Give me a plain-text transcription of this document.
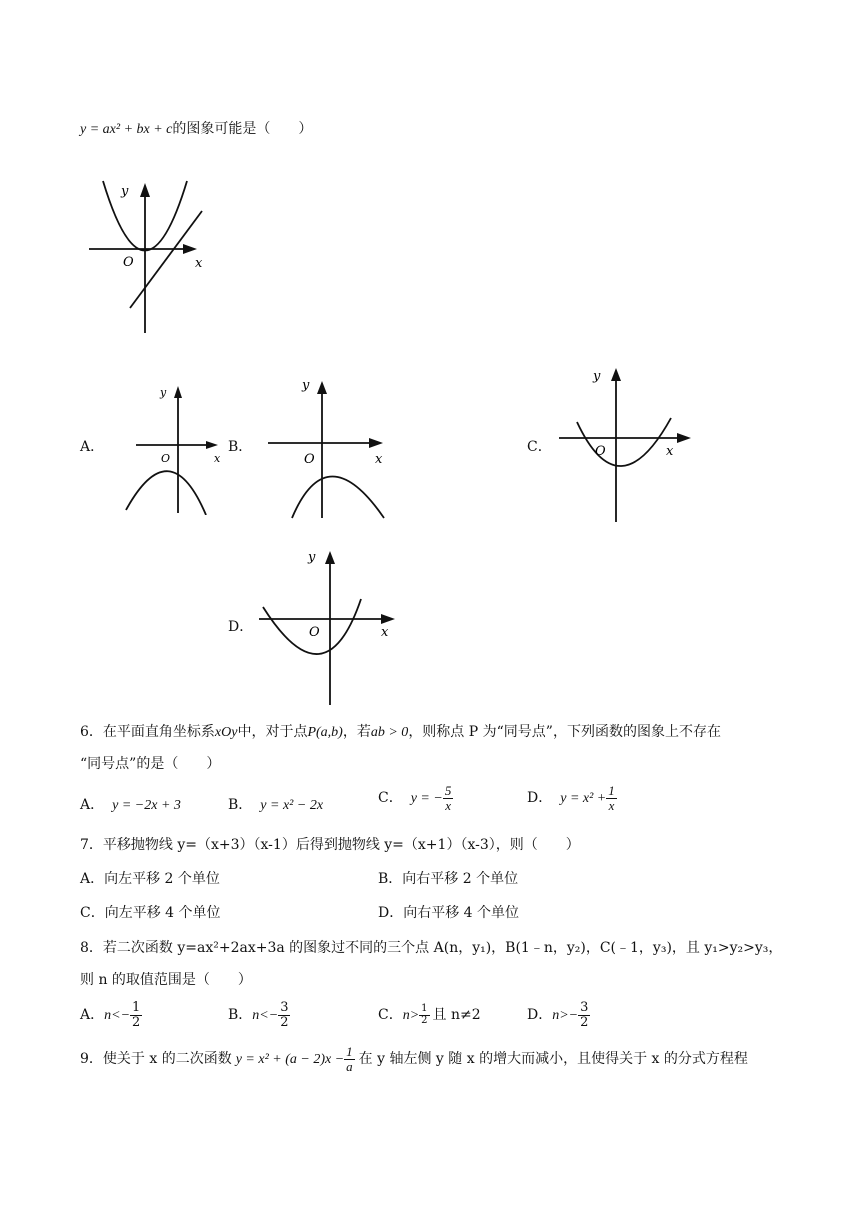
y = ax² + bx + c的图象可能是（　　）
y
O	x
A．
y
O	x
B．
y
O	x
C．
y
O	x
D．
y
O	x
6．在平面直角坐标系xOy中，对于点P(a,b)，若ab > 0，则称点 P 为“同号点”，下列函数的图象上不存在
“同号点”的是（　　）
A． y = −2x + 3	B． y = x² − 2x	C． y = − $\frac{5}{x}$	D． $y = x^2 + \frac{1}{x}$
7．平移抛物线 y=（x+3）（x-1）后得到抛物线 y=（x+1）（x-3），则（　　）
A．向左平移 2 个单位	B．向右平移 2 个单位
C．向左平移 4 个单位	D．向右平移 4 个单位
8．若二次函数 y=ax²+2ax+3a 的图象过不同的三个点 A(n，y₁)，B(1﹣n，y₂)，C(﹣1，y₃)，且 y₁>y₂>y₃，
则 n 的取值范围是（　　）
A．$n<- \frac{1}{2}$	B．$n<- \frac{3}{2}$	C．$n> \frac{1}{2}$ 且 n≠2	D．$n>- \frac{3}{2}$
9．使关于 x 的二次函数 $y = x^2 + (a - 2)x - \frac{1}{a}$ 在 y 轴左侧 y 随 x 的增大而减小，且使得关于 x 的分式方程程
